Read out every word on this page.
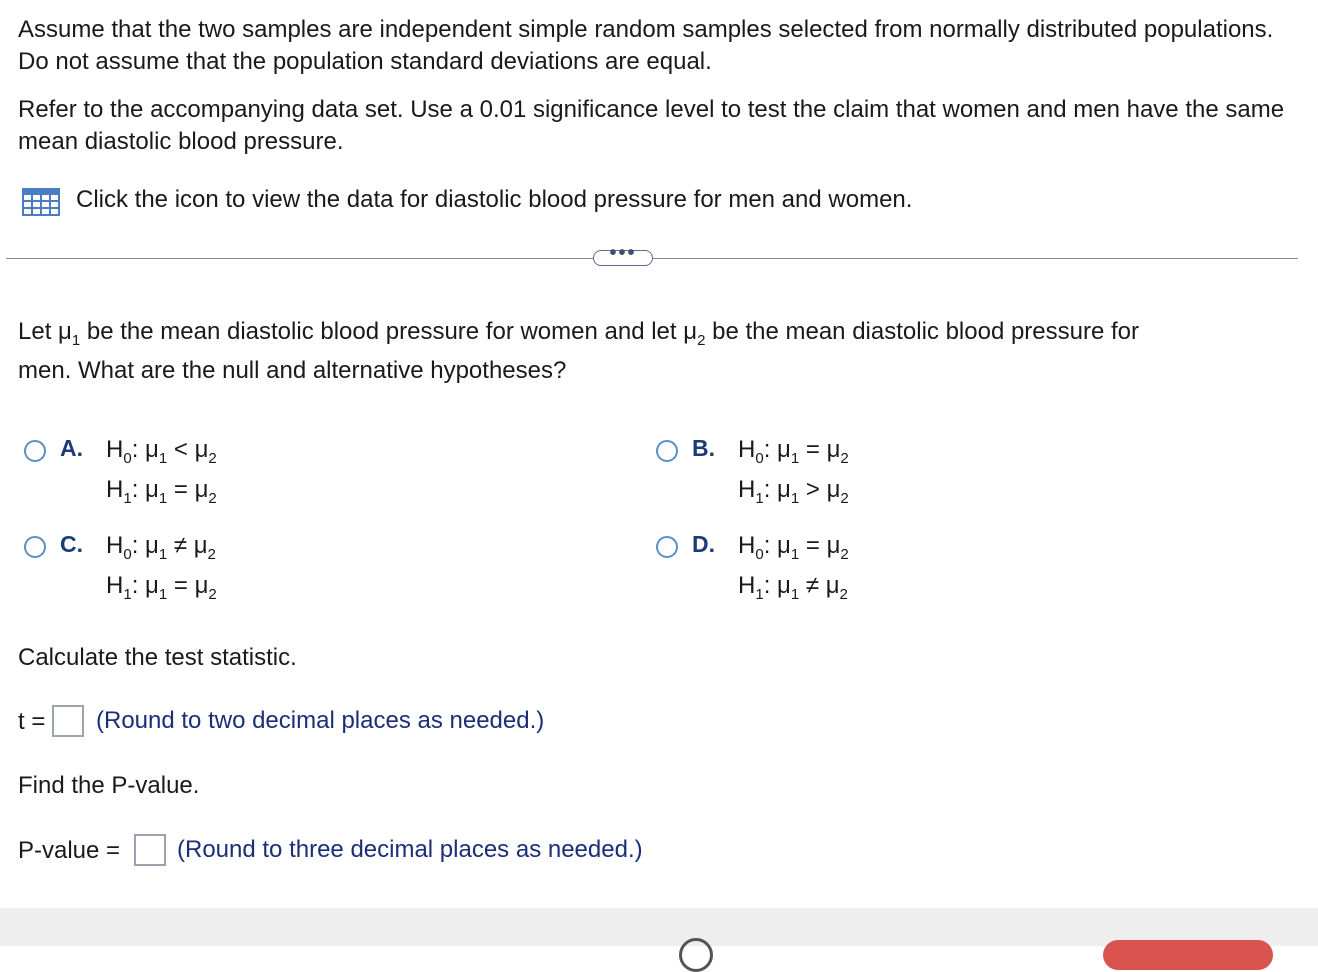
Assume that the two samples are independent simple random samples selected from normally distributed populations. Do not assume that the population standard deviations are equal.
Refer to the accompanying data set. Use a 0.01 significance level to test the claim that women and men have the same mean diastolic blood pressure.
Click the icon to view the data for diastolic blood pressure for men and women.
•••
Let $\mu_1$ be the mean diastolic blood pressure for women and let $\mu_2$ be the mean diastolic blood pressure for
men. What are the null and alternative hypotheses?
A. $H_0$: $\mu_1 < \mu_2$
$H_1$: $\mu_1 = \mu_2$
B. $H_0$: $\mu_1 = \mu_2$
$H_1$: $\mu_1 > \mu_2$
C. $H_0$: $\mu_1 \ne \mu_2$
$H_1$: $\mu_1 = \mu_2$
D. $H_0$: $\mu_1 = \mu_2$
$H_1$: $\mu_1 \ne \mu_2$
Calculate the test statistic.
t = (Round to two decimal places as needed.)
Find the P-value.
P-value = (Round to three decimal places as needed.)
